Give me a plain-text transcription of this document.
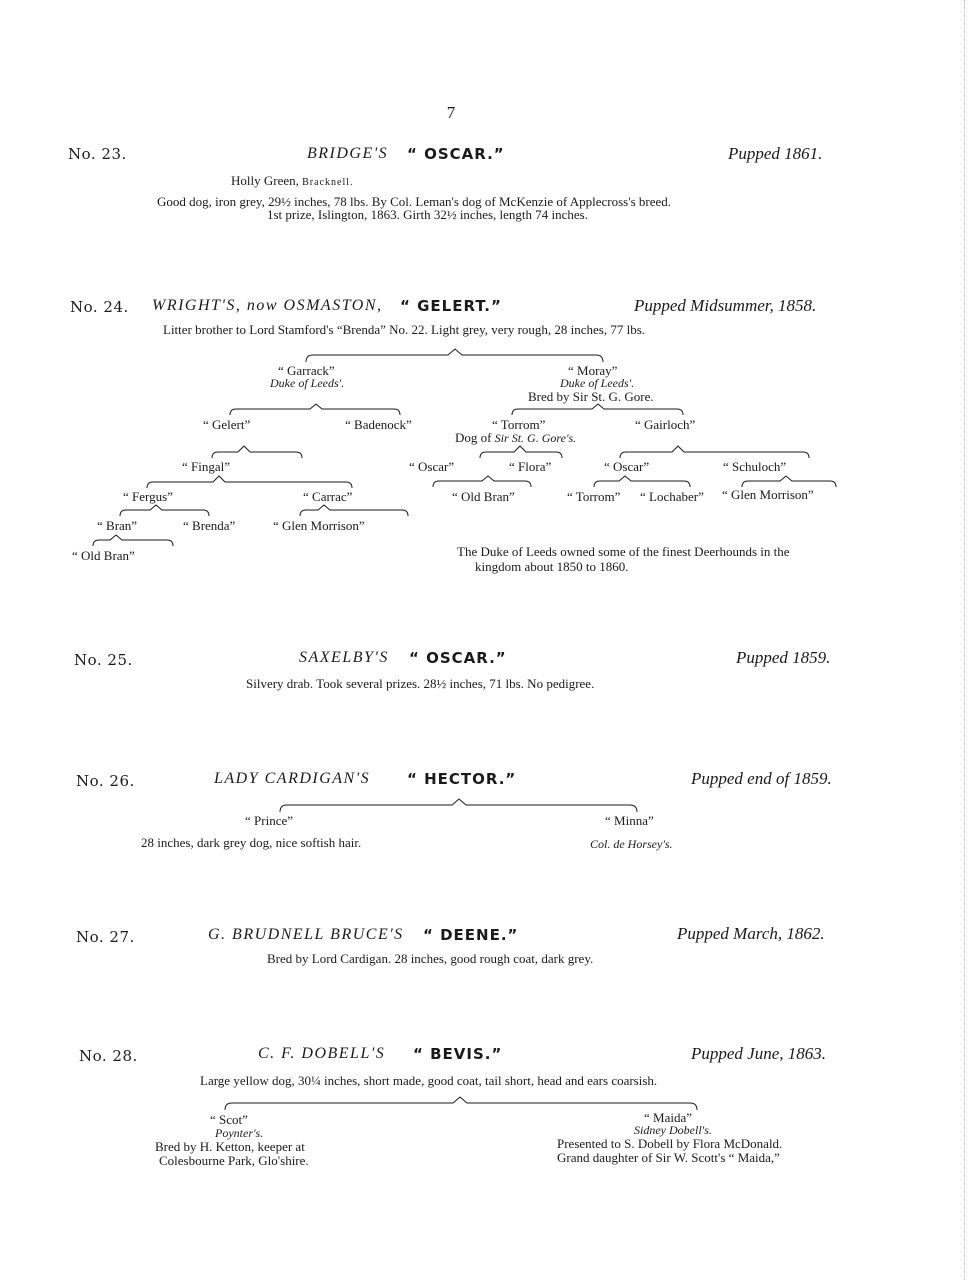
7
No. 23.	BRIDGE'S “ OSCAR.”	Pupped 1861.
Holly Green, Bracknell.
Good dog, iron grey, 29½ inches, 78 lbs. By Col. Leman's dog of McKenzie of Applecross's breed.
1st prize, Islington, 1863. Girth 32½ inches, length 74 inches.
No. 24. WRIGHT'S, now OSMASTON, “ GELERT.”	Pupped Midsummer, 1858.
Litter brother to Lord Stamford's “Brenda” No. 22. Light grey, very rough, 28 inches, 77 lbs.
“ Garrack”
Duke of Leeds'.
“ Moray”
Duke of Leeds'.
Bred by Sir St. G. Gore.
“ Gelert”	“ Badenock”	“ Torrom”
Dog of Sir St. G. Gore's.
“ Gairloch”
“ Fingal”	“ Oscar”	“ Flora”	“ Oscar”	“ Schuloch”
“ Fergus”	“ Carrac”	“ Old Bran”	“ Torrom” “ Lochaber” “ Glen Morrison”
“ Bran”	“ Brenda”	“ Glen Morrison”
“ Old Bran”	The Duke of Leeds owned some of the finest Deerhounds in the
kingdom about 1850 to 1860.
No. 25.	SAXELBY'S “ OSCAR.”	Pupped 1859.
Silvery drab. Took several prizes. 28½ inches, 71 lbs. No pedigree.
No. 26.	LADY CARDIGAN'S “ HECTOR.”	Pupped end of 1859.
“ Prince”	“ Minna”
28 inches, dark grey dog, nice softish hair.	Col. de Horsey's.
No. 27.	G. BRUDNELL BRUCE'S “ DEENE.”	Pupped March, 1862.
Bred by Lord Cardigan. 28 inches, good rough coat, dark grey.
No. 28.	C. F. DOBELL'S “ BEVIS.”	Pupped June, 1863.
Large yellow dog, 30¼ inches, short made, good coat, tail short, head and ears coarsish.
“ Scot”
Poynter's.
Bred by H. Ketton, keeper at
Colesbourne Park, Glo'shire.
“ Maida”
Sidney Dobell's.
Presented to S. Dobell by Flora McDonald.
Grand daughter of Sir W. Scott's “ Maida,”
